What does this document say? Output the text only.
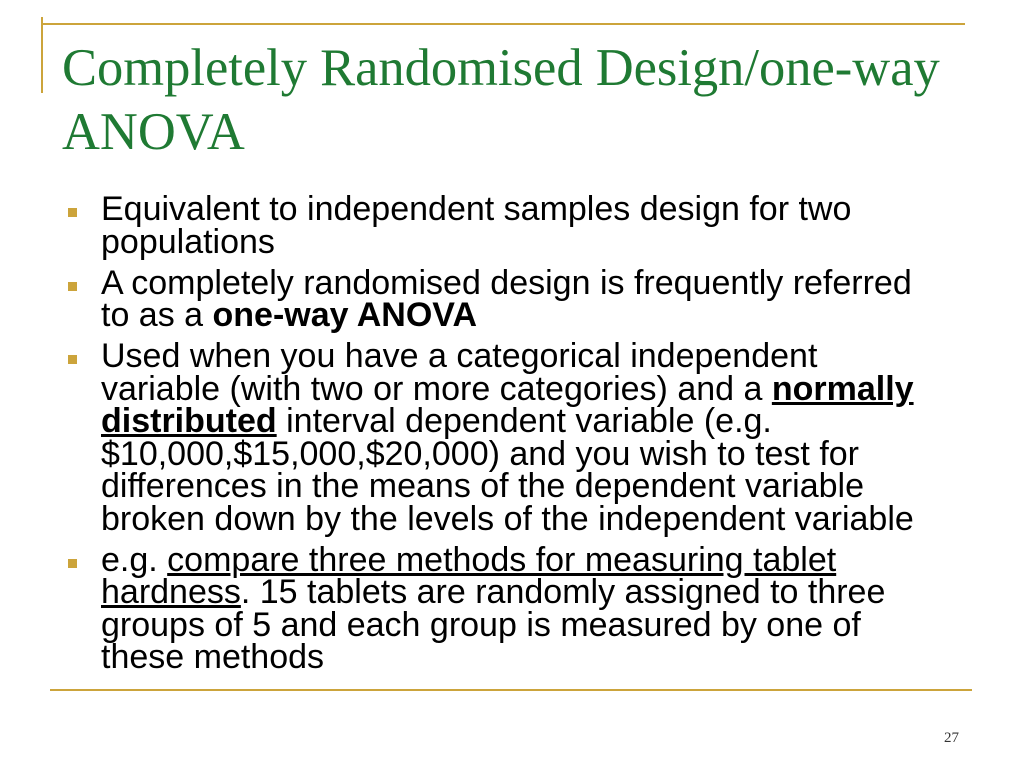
Completely Randomised Design/one-way ANOVA
Equivalent to independent samples design for two populations
A completely randomised design is frequently referred to as a one-way ANOVA
Used when you have a categorical independent variable (with two or more categories) and a normally distributed interval dependent variable (e.g. $10,000,$15,000,$20,000) and you wish to test for differences in the means of the dependent variable broken down by the levels of the independent variable
e.g. compare three methods for measuring tablet hardness. 15 tablets are randomly assigned to three groups of 5 and each group is measured by one of these methods
27
